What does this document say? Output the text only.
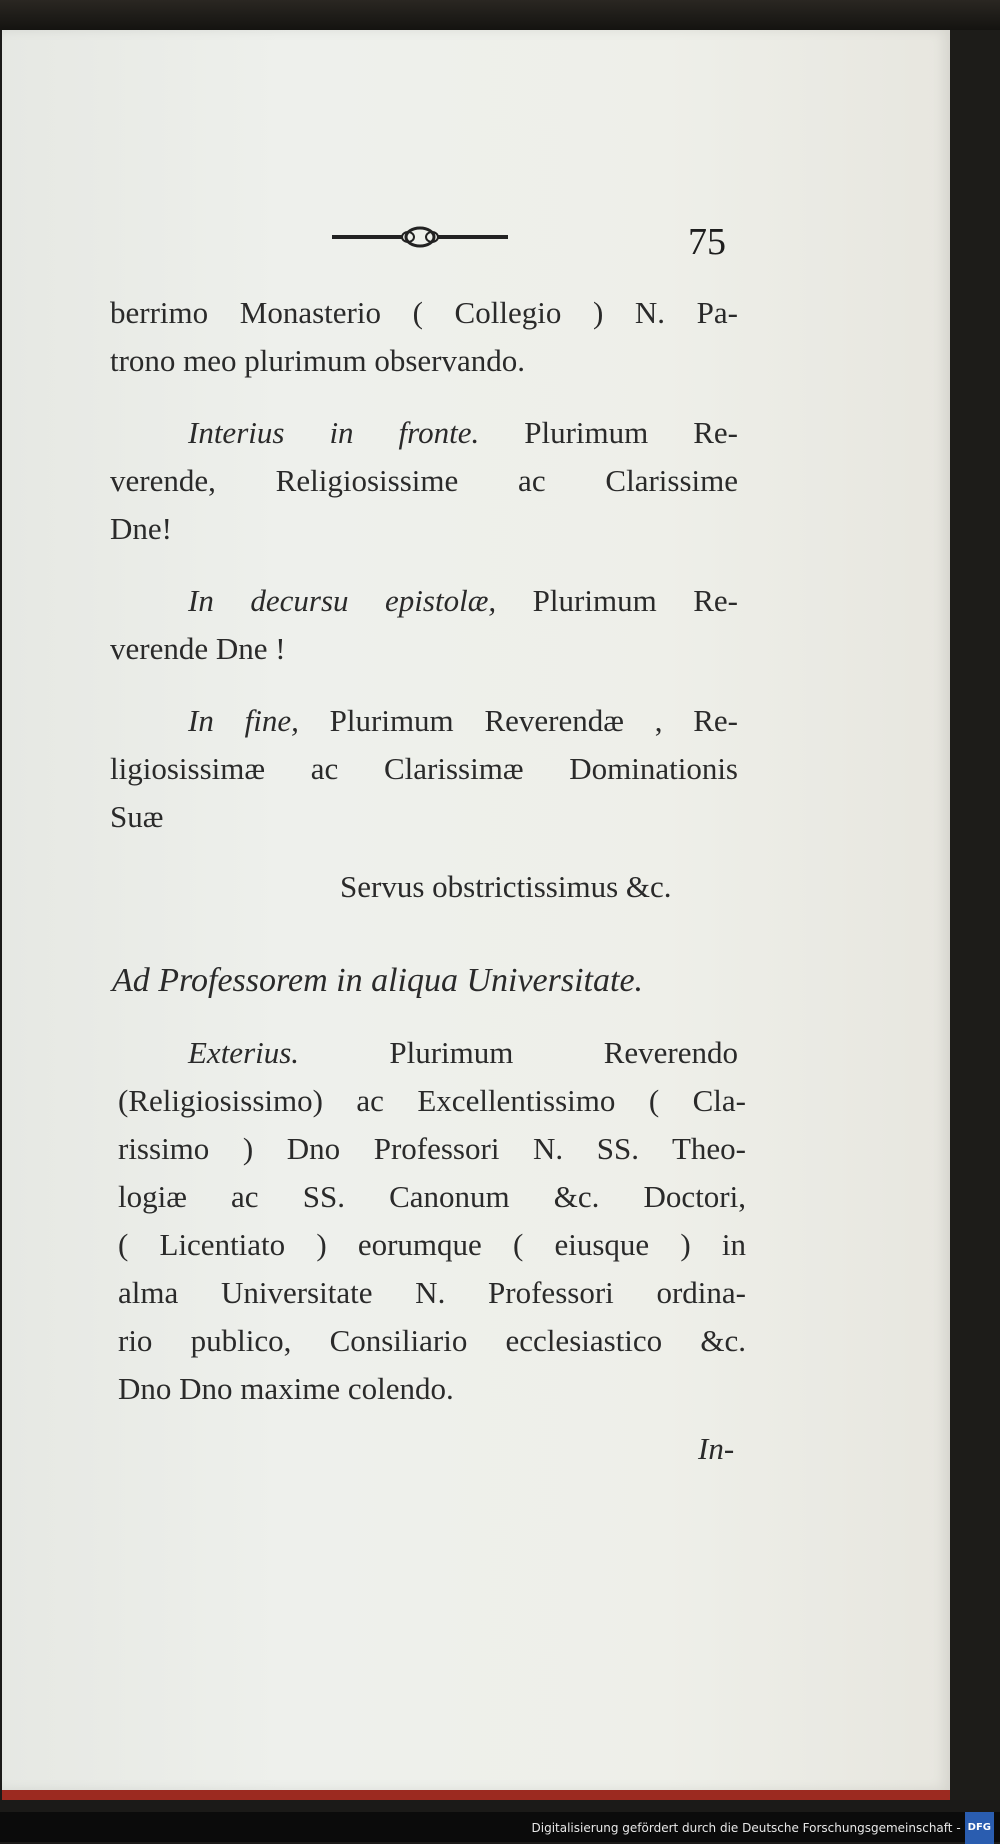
75
berrimo Monasterio ( Collegio ) N. Pa-
trono meo plurimum observando.
Interius in fronte. Plurimum Re-
verende, Religiosissime ac Clarissime
Dne!
In decursu epistolæ, Plurimum Re-
verende Dne !
In fine, Plurimum Reverendæ , Re-
ligiosissimæ ac Clarissimæ Dominationis
Suæ
Servus obstrictissimus &c.
Ad Professorem in aliqua Universitate.
Exterius. Plurimum Reverendo
(Religiosissimo) ac Excellentissimo ( Cla-
rissimo ) Dno Professori N. SS. Theo-
logiæ ac SS. Canonum &c. Doctori,
( Licentiato ) eorumque ( eiusque ) in
alma Universitate N. Professori ordina-
rio publico, Consiliario ecclesiastico &c.
Dno Dno maxime colendo.
In-
Digitalisierung gefördert durch die Deutsche Forschungsgemeinschaft - DFG
